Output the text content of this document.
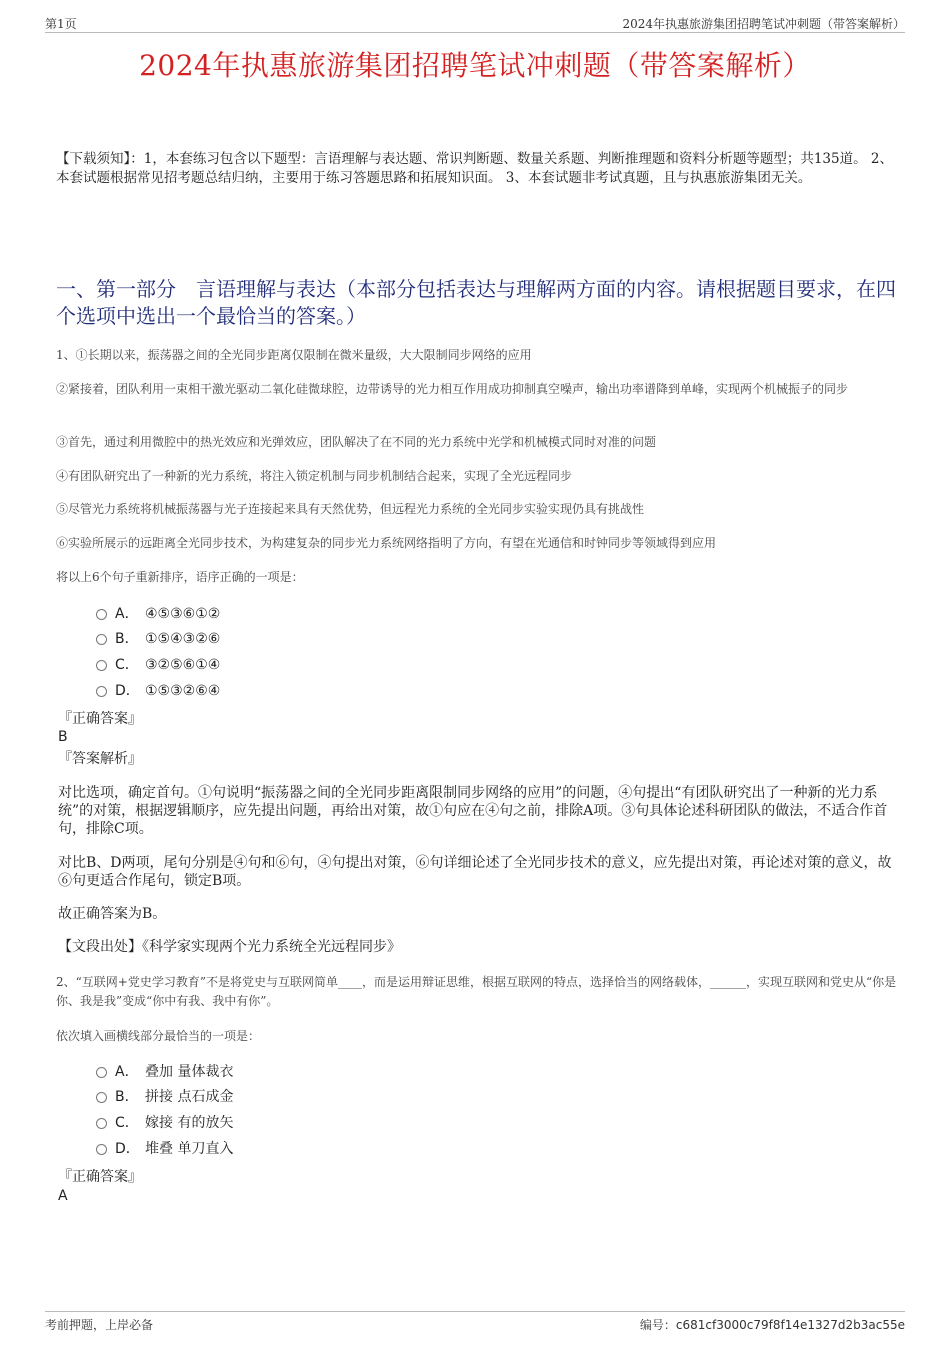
第1页	2024年执惠旅游集团招聘笔试冲刺题（带答案解析）
2024年执惠旅游集团招聘笔试冲刺题（带答案解析）
【下载须知】：1，本套练习包含以下题型：言语理解与表达题、常识判断题、数量关系题、判断推理题和资料分析题等题型；共135道。 2、本套试题根据常见招考题总结归纳，主要用于练习答题思路和拓展知识面。 3、本套试题非考试真题，且与执惠旅游集团无关。
一、第一部分 言语理解与表达（本部分包括表达与理解两方面的内容。请根据题目要求，在四个选项中选出一个最恰当的答案。）
1、①长期以来，振荡器之间的全光同步距离仅限制在微米量级，大大限制同步网络的应用
②紧接着，团队利用一束相干激光驱动二氧化硅微球腔，边带诱导的光力相互作用成功抑制真空噪声，输出功率谱降到单峰，实现两个机械振子的同步
③首先，通过利用微腔中的热光效应和光弹效应，团队解决了在不同的光力系统中光学和机械模式同时对准的问题
④有团队研究出了一种新的光力系统，将注入锁定机制与同步机制结合起来，实现了全光远程同步
⑤尽管光力系统将机械振荡器与光子连接起来具有天然优势，但远程光力系统的全光同步实验实现仍具有挑战性
⑥实验所展示的远距离全光同步技术，为构建复杂的同步光力系统网络指明了方向，有望在光通信和时钟同步等领域得到应用
将以上6个句子重新排序，语序正确的一项是：
A． ④⑤③⑥①②
B． ①⑤④③②⑥
C． ③②⑤⑥①④
D． ①⑤③②⑥④
『正确答案』
B
『答案解析』
对比选项，确定首句。①句说明“振荡器之间的全光同步距离限制同步网络的应用”的问题，④句提出“有团队研究出了一种新的光力系统”的对策，根据逻辑顺序，应先提出问题，再给出对策，故①句应在④句之前，排除A项。③句具体论述科研团队的做法，不适合作首句，排除C项。
对比B、D两项，尾句分别是④句和⑥句，④句提出对策，⑥句详细论述了全光同步技术的意义，应先提出对策，再论述对策的意义，故⑥句更适合作尾句，锁定B项。
故正确答案为B。
【文段出处】《科学家实现两个光力系统全光远程同步》
2、“互联网+党史学习教育”不是将党史与互联网简单____，而是运用辩证思维，根据互联网的特点，选择恰当的网络载体，______，实现互联网和党史从“你是你、我是我”变成“你中有我、我中有你”。
依次填入画横线部分最恰当的一项是：
A． 叠加 量体裁衣
B． 拼接 点石成金
C． 嫁接 有的放矢
D． 堆叠 单刀直入
『正确答案』
A
考前押题，上岸必备	编号：c681cf3000c79f8f14e1327d2b3ac55e
